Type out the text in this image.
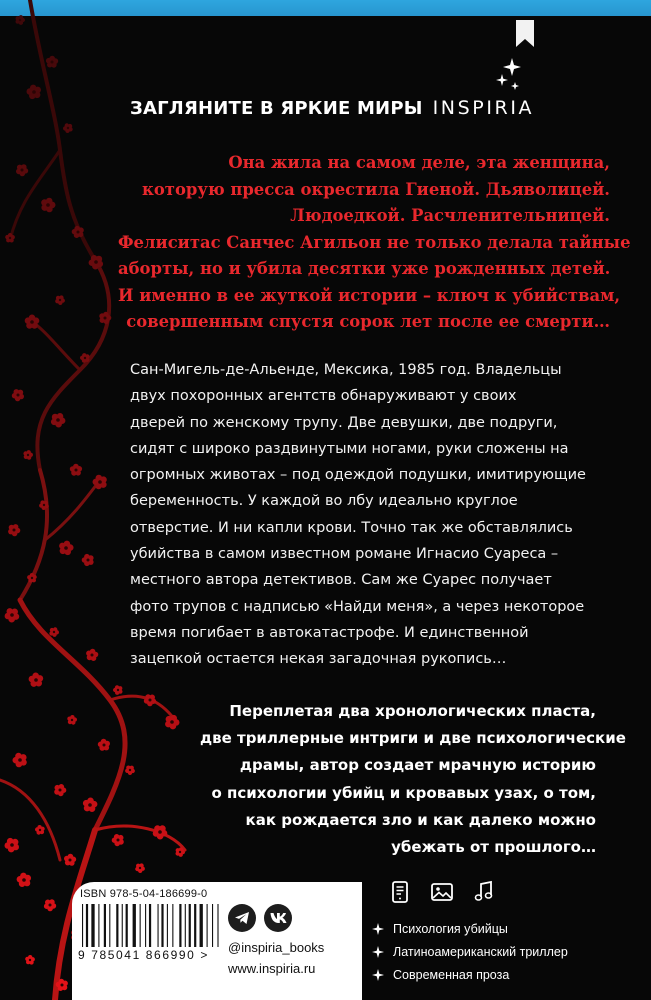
ЗАГЛЯНИТЕ В ЯРКИЕ МИРЫ INSPIRIA
Она жила на самом деле, эта женщина,
которую пресса окрестила Гиеной. Дьяволицей.
Людоедкой. Расчленительницей.
Фелиситас Санчес Агильон не только делала тайные
аборты, но и убила десятки уже рожденных детей.
И именно в ее жуткой истории – ключ к убийствам,
совершенным спустя сорок лет после ее смерти…
Сан-Мигель-де-Альенде, Мексика, 1985 год. Владельцы
двух похоронных агентств обнаруживают у своих
дверей по женскому трупу. Две девушки, две подруги,
сидят с широко раздвинутыми ногами, руки сложены на
огромных животах – под одеждой подушки, имитирующие
беременность. У каждой во лбу идеально круглое
отверстие. И ни капли крови. Точно так же обставлялись
убийства в самом известном романе Игнасио Суареса –
местного автора детективов. Сам же Суарес получает
фото трупов с надписью «Найди меня», а через некоторое
время погибает в автокатастрофе. И единственной
зацепкой остается некая загадочная рукопись…
Переплетая два хронологических пласта,
две триллерные интриги и две психологические
драмы, автор создает мрачную историю
о психологии убийц и кровавых узах, о том,
как рождается зло и как далеко можно
убежать от прошлого…
ISBN 978-5-04-186699-0
9 785041 866990 >	@inspiria_books
www.inspiria.ru
Психология убийцы
Латиноамериканский триллер
Современная проза
